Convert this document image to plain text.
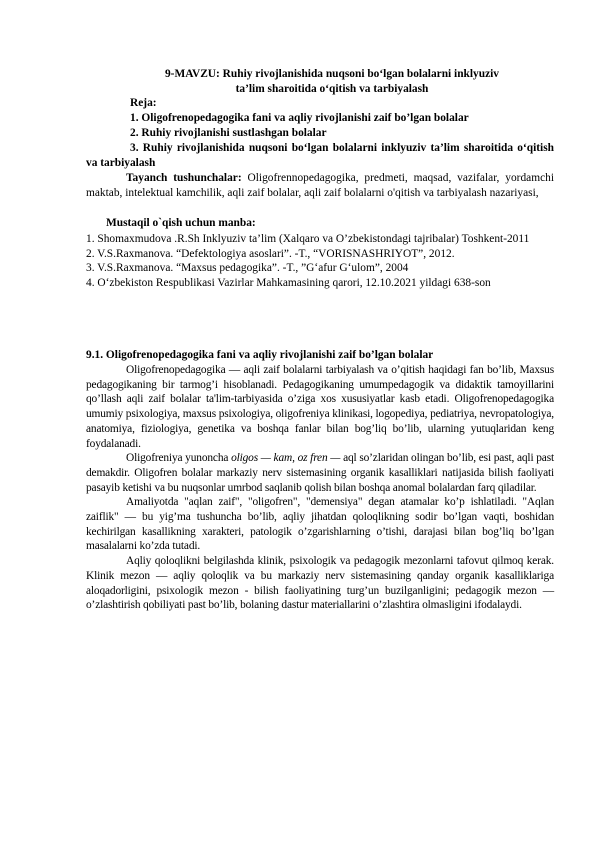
9-MAVZU: Ruhiy rivojlanishida nuqsoni bo‘lgan bolalarni inklyuziv
ta’lim sharoitida o‘qitish va tarbiyalash
Reja:
1. Oligofrenopedagogika fani va aqliy rivojlanishi zaif bo’lgan bolalar
2. Ruhiy rivojlanishi sustlashgan bolalar

3. Ruhiy rivojlanishida nuqsoni bo‘lgan bolalarni inklyuziv ta’lim sharoitida o‘qitish va tarbiyalash

Tayanch tushunchalar: Oligofrennopedagogika, predmeti, maqsad, vazifalar, yordamchi maktab, intelektual kamchilik, aqli zaif bolalar, aqli zaif bolalarni o'qitish va tarbiyalash nazariyasi,

Mustaqil o`qish uchun manba:

1. Shomaxmudova .R.Sh Inklyuziv ta’lim (Xalqaro va O’zbekistondagi tajribalar) Toshkent-2011

2. V.S.Raxmanova. “Defektologiya asoslari”. -T., “VORISNASHRIYOT”, 2012.

3. V.S.Raxmanova. “Maxsus pedagogika”. -T., ”G‘afur G‘ulom”, 2004

4. O‘zbekiston Respublikasi Vazirlar Mahkamasining qarori, 12.10.2021 yildagi 638-son

9.1. Oligofrenopedagogika fani va aqliy rivojlanishi zaif bo’lgan bolalar

Oligofrenopedagogika — aqli zaif bolalarni tarbiyalash va o’qitish haqidagi fan bo’lib, Maxsus pedagogikaning bir tarmog’i hisoblanadi. Pedagogikaning umumpedagogik va didaktik tamoyillarini qo’llash aqli zaif bolalar ta'lim-tarbiyasida o’ziga xos xususiyatlar kasb etadi. Oligofrenopedagogika umumiy psixologiya, maxsus psixologiya, oligofreniya klinikasi, logopediya, pediatriya, nevropatologiya, anatomiya, fiziologiya, genetika va boshqa fanlar bilan bog’liq bo’lib, ularning yutuqlaridan keng foydalanadi.

Oligofreniya yunoncha oligos — kam, oz fren — aql so’zlaridan olingan bo’lib, esi past, aqli past demakdir. Oligofren bolalar markaziy nerv sistemasining organik kasalliklari natijasida bilish faoliyati pasayib ketishi va bu nuqsonlar umrbod saqlanib qolish bilan boshqa anomal bolalardan farq qiladilar.

Amaliyotda "aqlan zaif", "oligofren", "demensiya" degan atamalar ko’p ishlatiladi. "Aqlan zaiflik" — bu yig’ma tushuncha bo’lib, aqliy jihatdan qoloqlikning sodir bo’lgan vaqti, boshidan kechirilgan kasallikning xarakteri, patologik o’zgarishlarning o’tishi, darajasi bilan bog’liq bo’lgan masalalarni ko’zda tutadi.

Aqliy qoloqlikni belgilashda klinik, psixologik va pedagogik mezonlarni tafovut qilmoq kerak. Klinik mezon — aqliy qoloqlik va bu markaziy nerv sistemasining qanday organik kasalliklariga aloqadorligini, psixologik mezon - bilish faoliyatining turg’un buzilganligini; pedagogik mezon — o’zlashtirish qobiliyati past bo’lib, bolaning dastur materiallarini o’zlashtira olmasligini ifodalaydi.
